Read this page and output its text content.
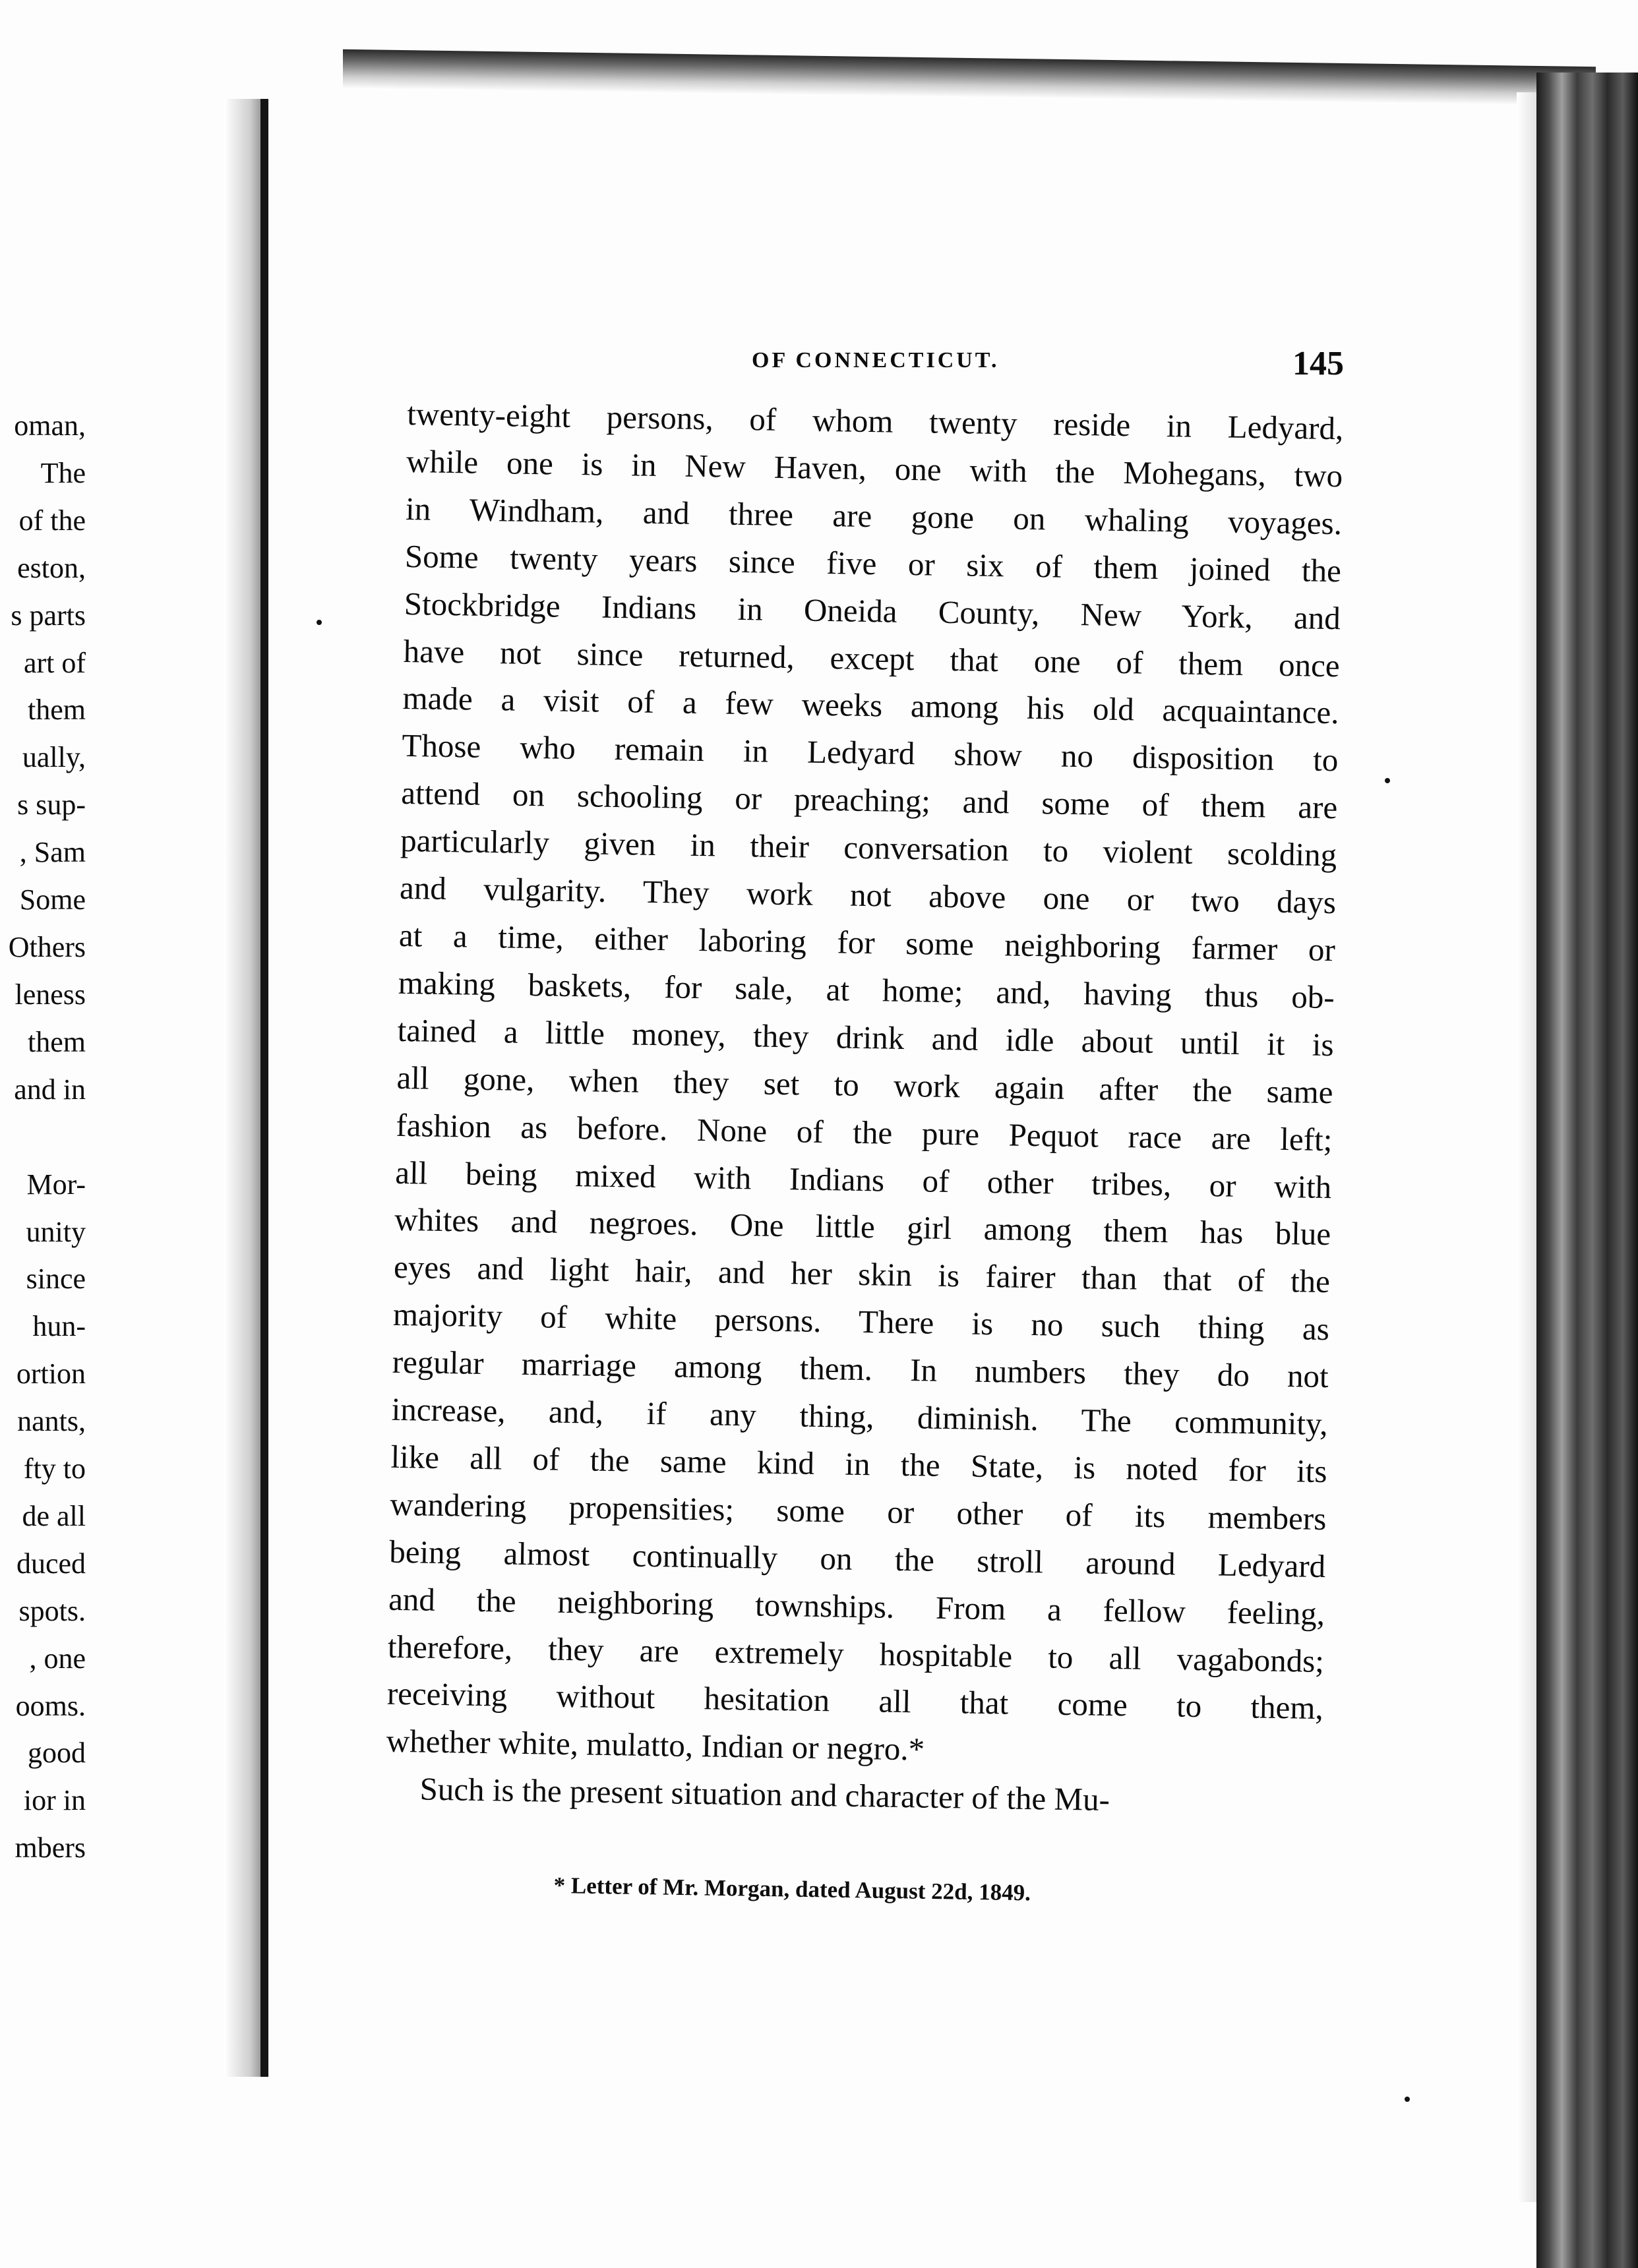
oman,
The
of the
eston,
s parts
art of
them
ually,
s sup-
, Sam
Some
Others
leness
them
and in
Mor-
unity
since
hun-
ortion
nants,
fty to
de all
duced
spots.
, one
ooms.
good
ior in
mbers
OF CONNECTICUT.	145
twenty-eight persons, of whom twenty reside in Ledyard,
while one is in New Haven, one with the Mohegans, two
in Windham, and three are gone on whaling voyages.
Some twenty years since five or six of them joined the
Stockbridge Indians in Oneida County, New York, and
have not since returned, except that one of them once
made a visit of a few weeks among his old acquaintance.
Those who remain in Ledyard show no disposition to
attend on schooling or preaching; and some of them are
particularly given in their conversation to violent scolding
and vulgarity. They work not above one or two days
at a time, either laboring for some neighboring farmer or
making baskets, for sale, at home; and, having thus ob-
tained a little money, they drink and idle about until it is
all gone, when they set to work again after the same
fashion as before. None of the pure Pequot race are left;
all being mixed with Indians of other tribes, or with
whites and negroes. One little girl among them has blue
eyes and light hair, and her skin is fairer than that of the
majority of white persons. There is no such thing as
regular marriage among them. In numbers they do not
increase, and, if any thing, diminish. The community,
like all of the same kind in the State, is noted for its
wandering propensities; some or other of its members
being almost continually on the stroll around Ledyard
and the neighboring townships. From a fellow feeling,
therefore, they are extremely hospitable to all vagabonds;
receiving without hesitation all that come to them,
whether white, mulatto, Indian or negro.*
Such is the present situation and character of the Mu-
* Letter of Mr. Morgan, dated August 22d, 1849.
